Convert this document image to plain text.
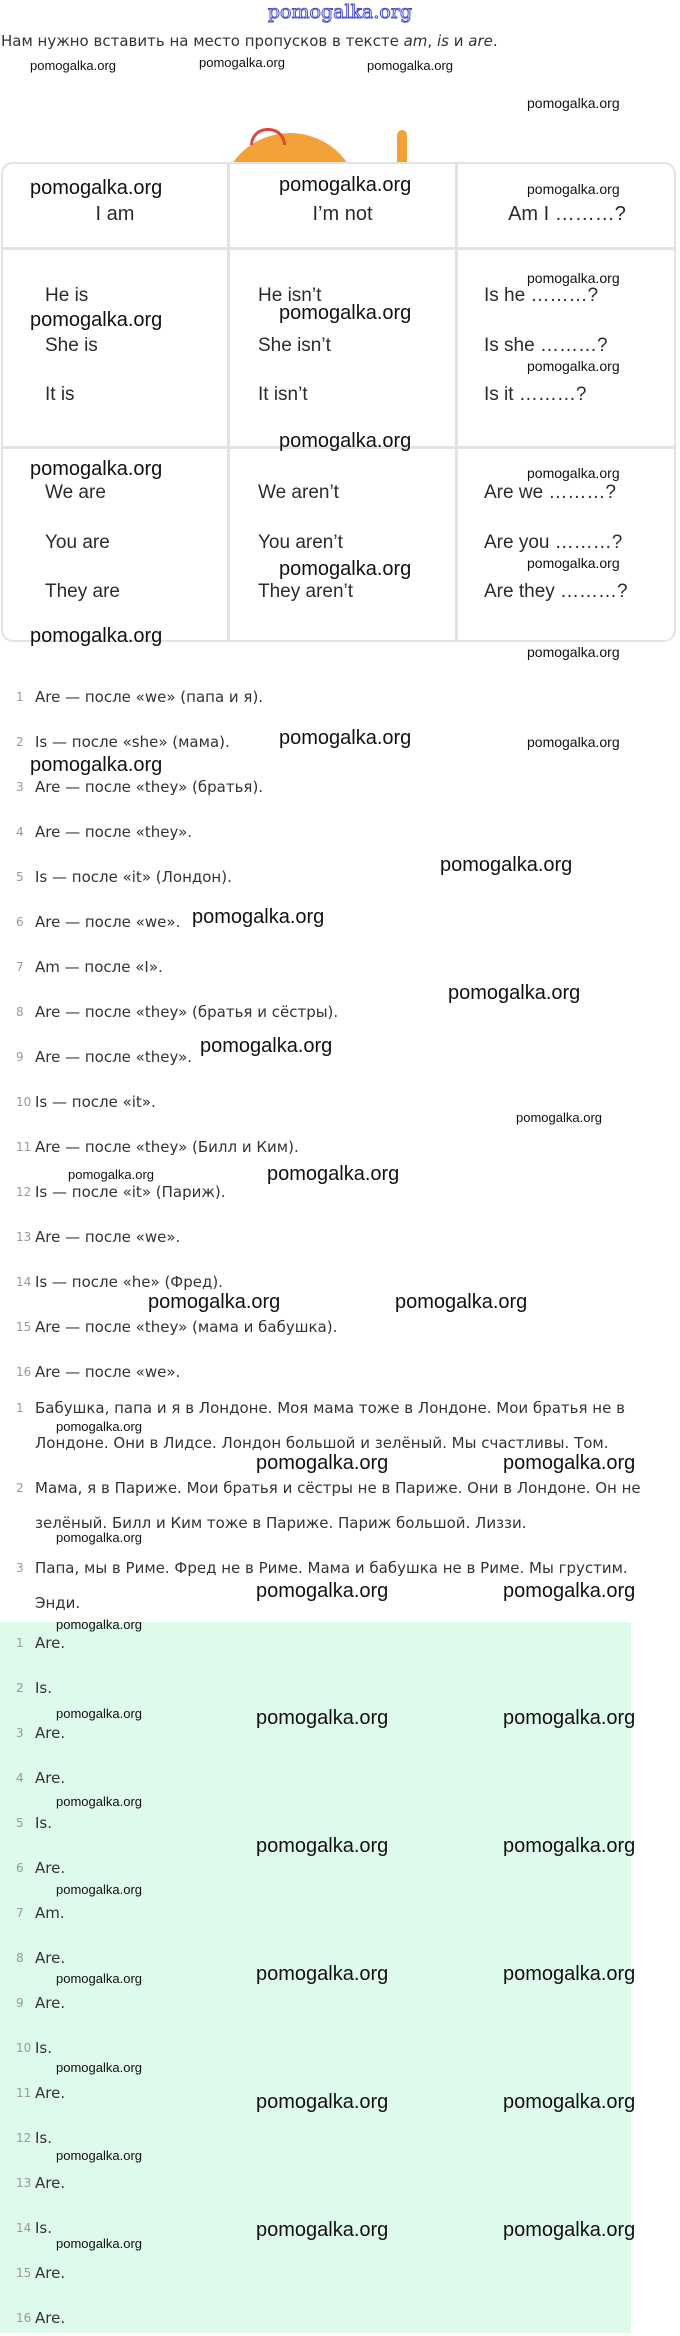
pomogalka.org
Нам нужно вставить на место пропусков в тексте am, is и are.
I am	I’m not	Am I ………?
He is	He isn’t	Is he ………?
She is	She isn’t	Is she ………?
It is	It isn’t	Is it ………?
We are	We aren’t	Are we ………?
You are	You aren’t	Are you ………?
They are	They aren’t	Are they ………?
1 Are — после «we» (папа и я).
2 Is — после «she» (мама).
3 Are — после «they» (братья).
4 Are — после «they».
5 Is — после «it» (Лондон).
6 Are — после «we».
7 Am — после «I».
8 Are — после «they» (братья и сёстры).
9 Are — после «they».
10 Is — после «it».
11 Are — после «they» (Билл и Ким).
12 Is — после «it» (Париж).
13 Are — после «we».
14 Is — после «he» (Фред).
15 Are — после «they» (мама и бабушка).
16 Are — после «we».
1 Бабушка, папа и я в Лондоне. Моя мама тоже в Лондоне. Мои братья не в Лондоне. Они в Лидсе. Лондон большой и зелёный. Мы счастливы. Том.
2 Мама, я в Париже. Мои братья и сёстры не в Париже. Они в Лондоне. Он не зелёный. Билл и Ким тоже в Париже. Париж большой. Лиззи.
3 Папа, мы в Риме. Фред не в Риме. Мама и бабушка не в Риме. Мы грустим. Энди.
1 Are.
2 Is.
3 Are.
4 Are.
5 Is.
6 Are.
7 Am.
8 Are.
9 Are.
10 Is.
11 Are.
12 Is.
13 Are.
14 Is.
15 Are.
16 Are.
pomogalka.org	pomogalka.org	pomogalka.org
pomogalka.org
pomogalka.org	pomogalka.org	pomogalka.org
pomogalka.org
pomogalka.org	pomogalka.org
pomogalka.org
pomogalka.org
pomogalka.org	pomogalka.org
pomogalka.org
pomogalka.org
pomogalka.org
pomogalka.org
pomogalka.org	pomogalka.org
pomogalka.org
pomogalka.org
pomogalka.org
pomogalka.org
pomogalka.org
pomogalka.org
pomogalka.org	pomogalka.org
pomogalka.org	pomogalka.org
pomogalka.org
pomogalka.org	pomogalka.org
pomogalka.org
pomogalka.org	pomogalka.org
pomogalka.org
pomogalka.org	pomogalka.org	pomogalka.org
pomogalka.org
pomogalka.org	pomogalka.org
pomogalka.org
pomogalka.org	pomogalka.org
pomogalka.org
pomogalka.org
pomogalka.org	pomogalka.org
pomogalka.org
pomogalka.org	pomogalka.org
pomogalka.org
